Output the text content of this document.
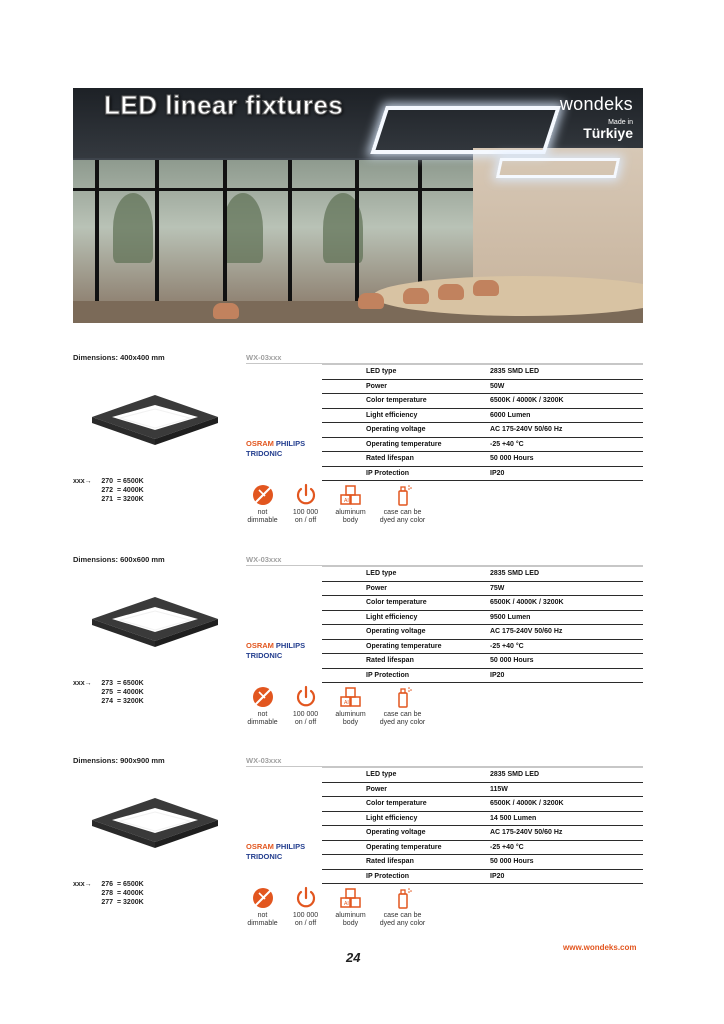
LED linear fixtures	wondeks
Made in
Türkiye
Dimensions: 400x400 mm
xxx→	270 = 6500K
272 = 4000K
271 = 3200K
WX-03xxx
LED type	2835 SMD LED
Power	50W
Color temperature	6500K / 4000K / 3200K
Light efficiency	6000 Lumen
Operating voltage	AC 175-240V 50/60 Hz
Operating temperature	-25 +40 °C
Rated lifespan	50 000 Hours
IP Protection	IP20
OSRAM PHILIPS
TRIDONIC
not
dimmable
100 000
on / off
Al
aluminum
body
case can be
dyed any color
Dimensions: 600x600 mm
xxx→	273 = 6500K
275 = 4000K
274 = 3200K
WX-03xxx
LED type	2835 SMD LED
Power	75W
Color temperature	6500K / 4000K / 3200K
Light efficiency	9500 Lumen
Operating voltage	AC 175-240V 50/60 Hz
Operating temperature	-25 +40 °C
Rated lifespan	50 000 Hours
IP Protection	IP20
OSRAM PHILIPS
TRIDONIC
not
dimmable
100 000
on / off
Al
aluminum
body
case can be
dyed any color
Dimensions: 900x900 mm
xxx→	276 = 6500K
278 = 4000K
277 = 3200K
WX-03xxx
LED type	2835 SMD LED
Power	115W
Color temperature	6500K / 4000K / 3200K
Light efficiency	14 500 Lumen
Operating voltage	AC 175-240V 50/60 Hz
Operating temperature	-25 +40 °C
Rated lifespan	50 000 Hours
IP Protection	IP20
OSRAM PHILIPS
TRIDONIC
not
dimmable
100 000
on / off
Al
aluminum
body
case can be
dyed any color
www.wondeks.com
24
